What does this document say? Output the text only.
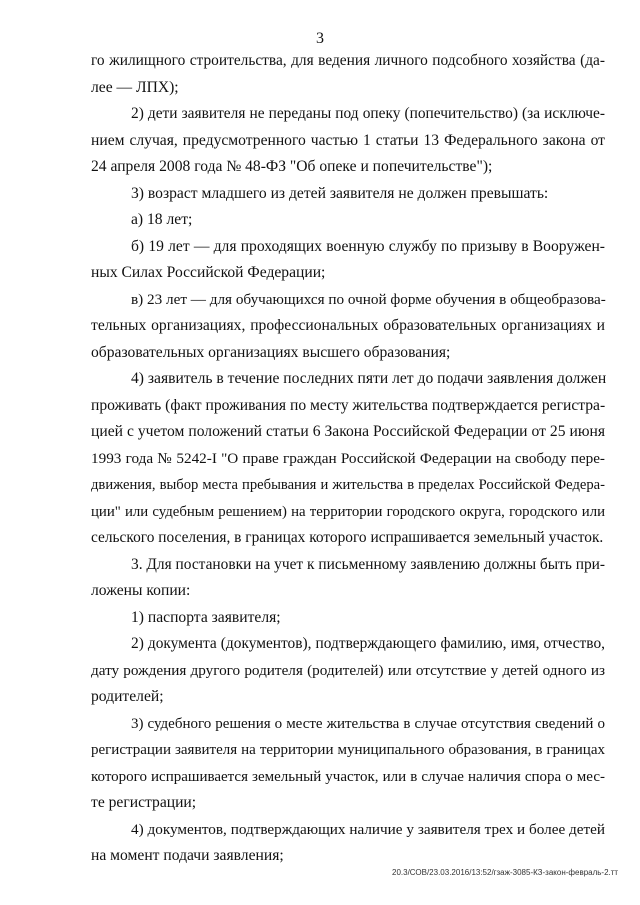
3
го жилищного строительства, для ведения личного подсобного хозяйства (да-
лее — ЛПХ);
2) дети заявителя не переданы под опеку (попечительство) (за исключе-
нием случая, предусмотренного частью 1 статьи 13 Федерального закона от
24 апреля 2008 года № 48-ФЗ "Об опеке и попечительстве");
3) возраст младшего из детей заявителя не должен превышать:
а) 18 лет;
б) 19 лет — для проходящих военную службу по призыву в Вооружен-
ных Силах Российской Федерации;
в) 23 лет — для обучающихся по очной форме обучения в общеобразова-
тельных организациях, профессиональных образовательных организациях и
образовательных организациях высшего образования;
4) заявитель в течение последних пяти лет до подачи заявления должен
проживать (факт проживания по месту жительства подтверждается регистра-
цией с учетом положений статьи 6 Закона Российской Федерации от 25 июня
1993 года № 5242-I "О праве граждан Российской Федерации на свободу пере-
движения, выбор места пребывания и жительства в пределах Российской Федера-
ции" или судебным решением) на территории городского округа, городского или
сельского поселения, в границах которого испрашивается земельный участок.
3. Для постановки на учет к письменному заявлению должны быть при-
ложены копии:
1) паспорта заявителя;
2) документа (документов), подтверждающего фамилию, имя, отчество,
дату рождения другого родителя (родителей) или отсутствие у детей одного из
родителей;
3) судебного решения о месте жительства в случае отсутствия сведений о
регистрации заявителя на территории муниципального образования, в границах
которого испрашивается земельный участок, или в случае наличия спора о мес-
те регистрации;
4) документов, подтверждающих наличие у заявителя трех и более детей
на момент подачи заявления;
20.3/СОВ/23.03.2016/13:52/гзаж-3085-КЗ-закон-февраль-2.тт
